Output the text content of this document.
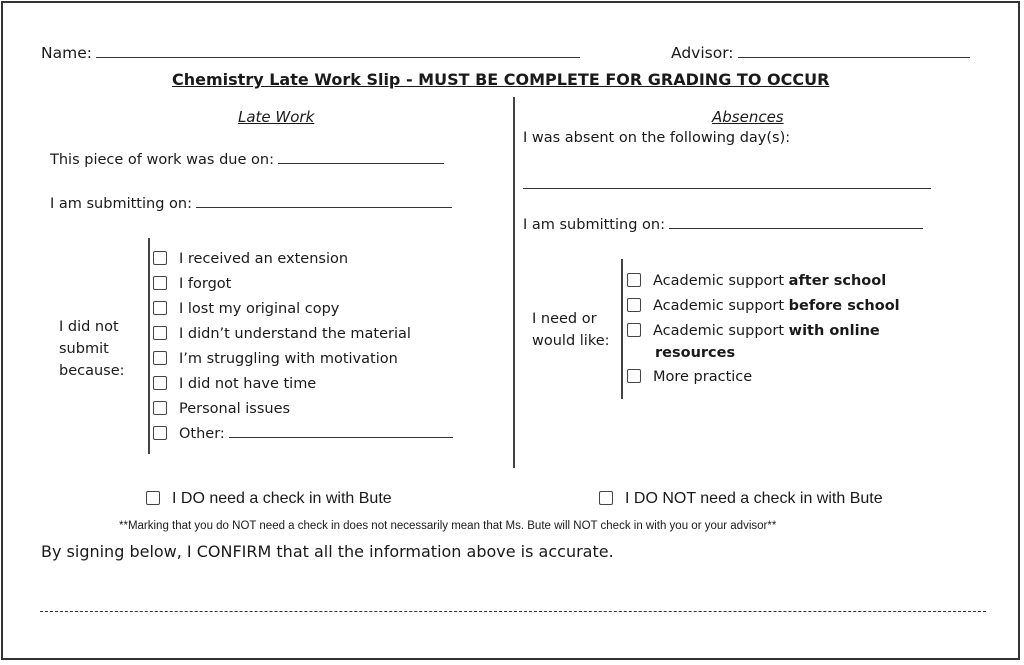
Name:	Advisor:
Chemistry Late Work Slip - MUST BE COMPLETE FOR GRADING TO OCCUR
Late Work
This piece of work was due on:
I am submitting on:
I did not
submit
because:
I received an extension
I forgot
I lost my original copy
I didn’t understand the material
I’m struggling with motivation
I did not have time
Personal issues
Other:
Absences
I was absent on the following day(s):
I am submitting on:
I need or
would like:
Academic support after school
Academic support before school
Academic support with online
resources
More practice
I DO need a check in with Bute	I DO NOT need a check in with Bute
**Marking that you do NOT need a check in does not necessarily mean that Ms. Bute will NOT check in with you or your advisor**
By signing below, I CONFIRM that all the information above is accurate.
